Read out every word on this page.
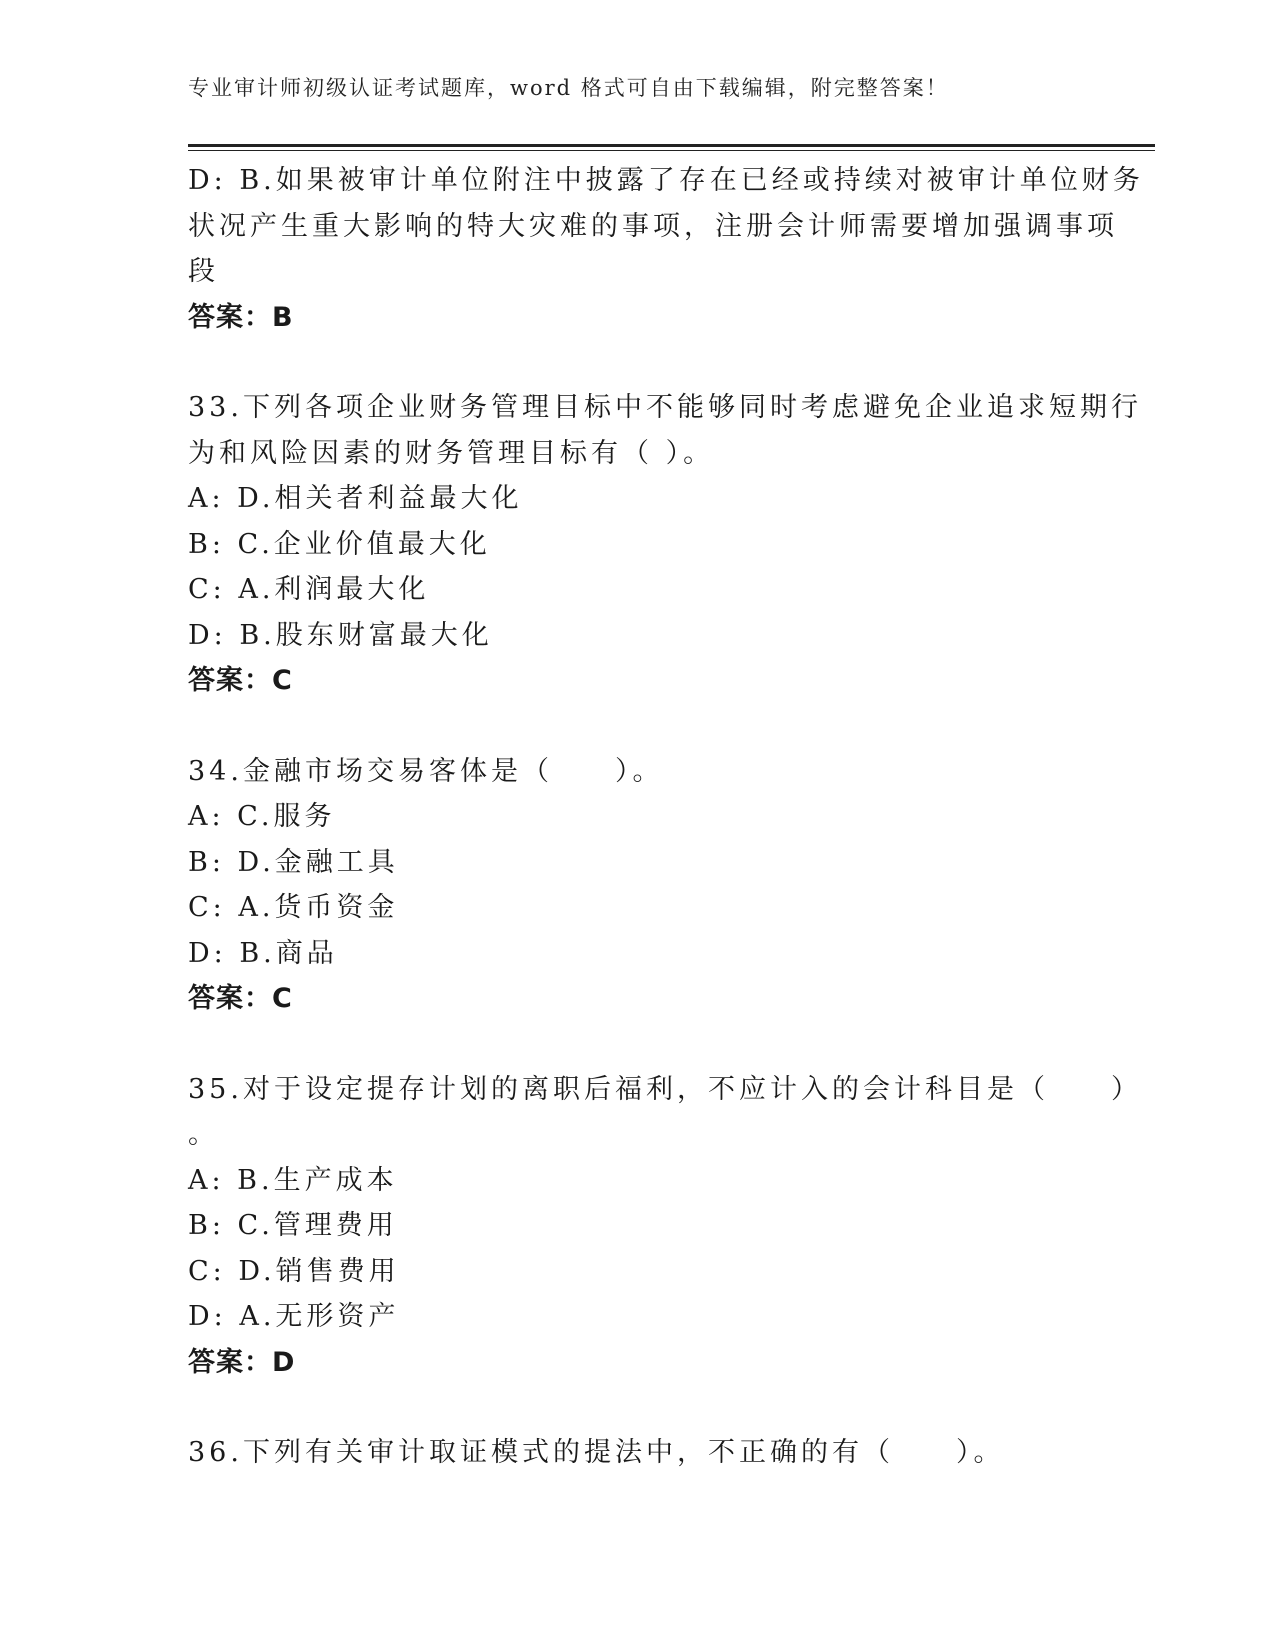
专业审计师初级认证考试题库，word 格式可自由下载编辑，附完整答案！
D: B.如果被审计单位附注中披露了存在已经或持续对被审计单位财务
状况产生重大影响的特大灾难的事项，注册会计师需要增加强调事项
段
答案：B
33.下列各项企业财务管理目标中不能够同时考虑避免企业追求短期行
为和风险因素的财务管理目标有（ ）。
A: D.相关者利益最大化
B: C.企业价值最大化
C: A.利润最大化
D: B.股东财富最大化
答案：C
34.金融市场交易客体是（　　）。
A: C.服务
B: D.金融工具
C: A.货币资金
D: B.商品
答案：C
35.对于设定提存计划的离职后福利，不应计入的会计科目是（　　）
。
A: B.生产成本
B: C.管理费用
C: D.销售费用
D: A.无形资产
答案：D
36.下列有关审计取证模式的提法中，不正确的有（　　）。
